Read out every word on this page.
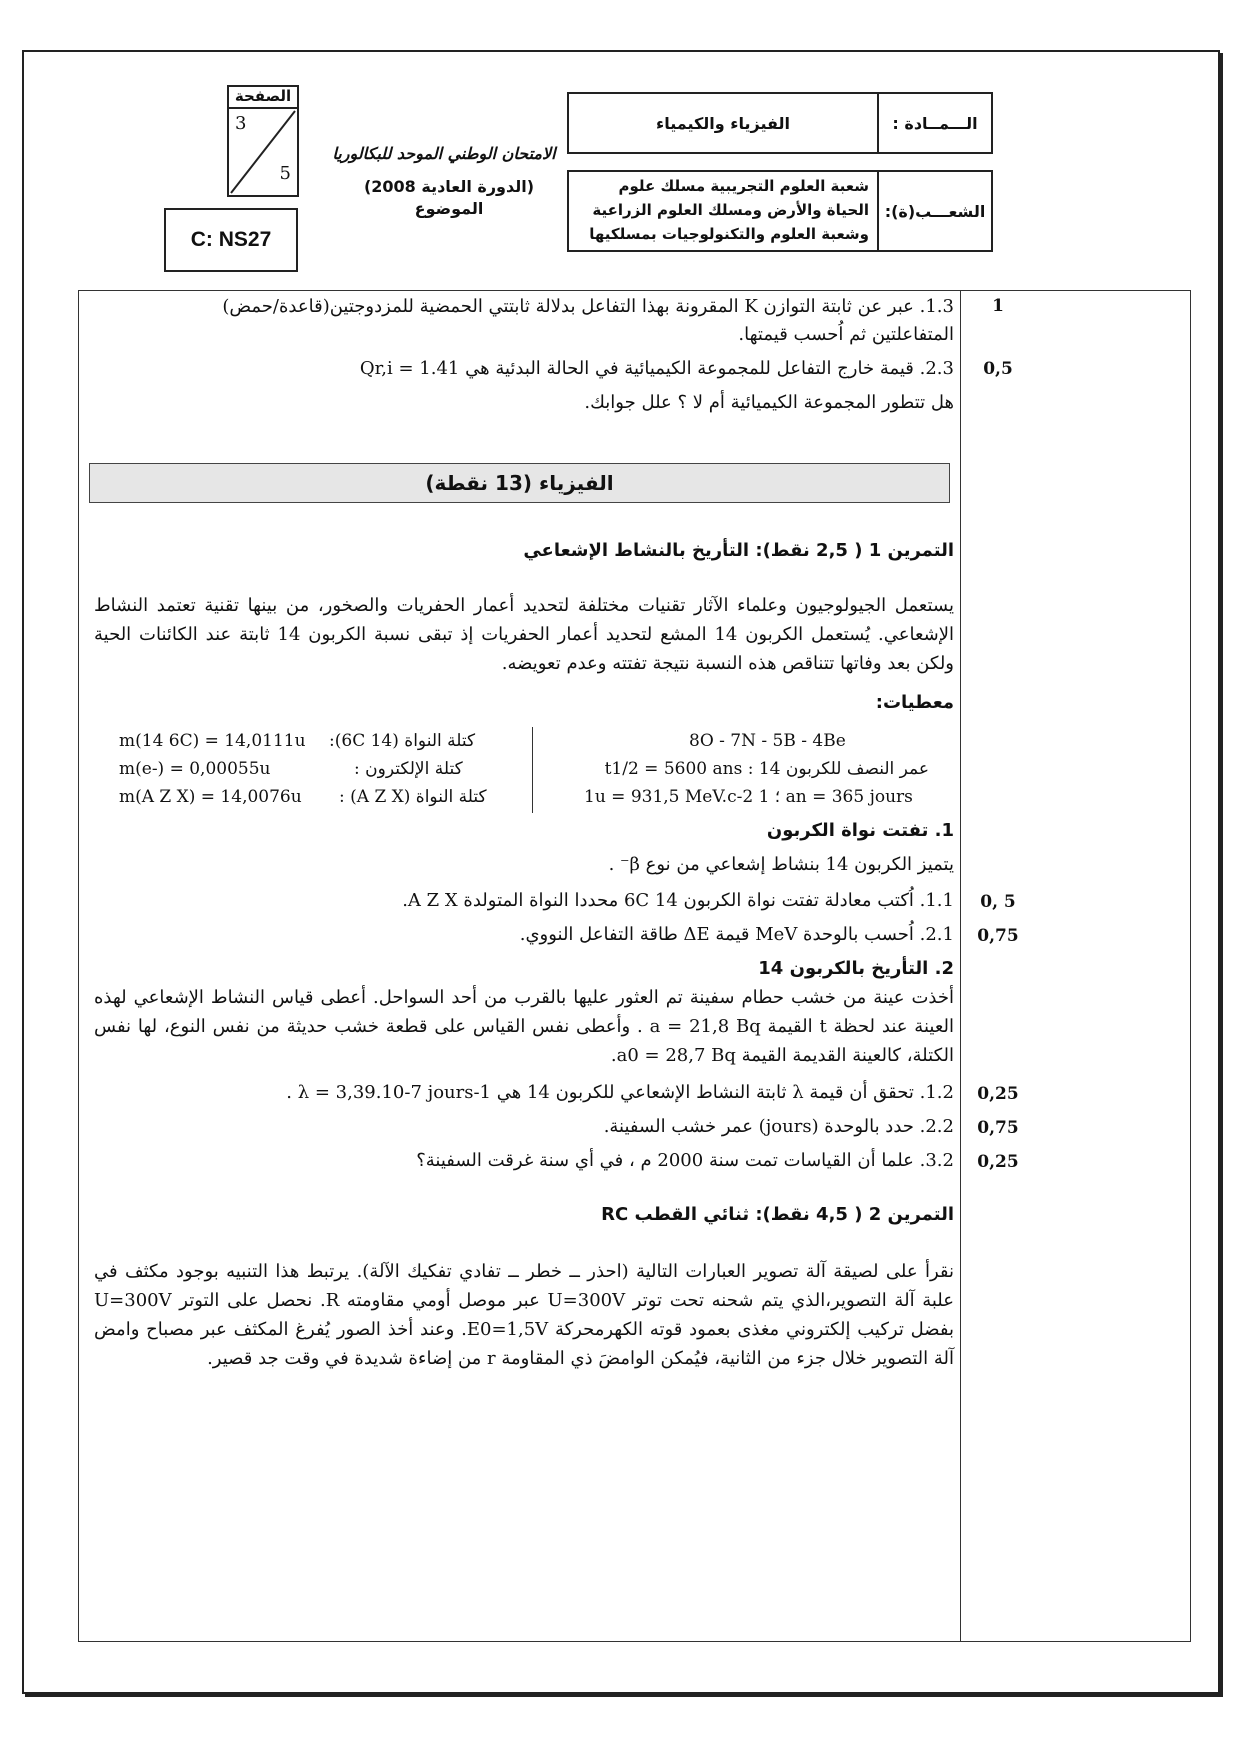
الصفحة
3
5
C: NS27
الامتحان الوطني الموحد للبكالوريا
(الدورة العادية 2008)
الموضوع
الفيزياء والكيمياء	الـــمــادة :
شعبة العلوم التجريبية مسلك علوم الحياة والأرض ومسلك العلوم الزراعية وشعبة العلوم والتكنولوجيات بمسلكيها
الشعـــب(ة):
1.3. عبر عن ثابتة التوازن K المقرونة بهذا التفاعل بدلالة ثابتتي الحمضية للمزدوجتين(قاعدة/حمض)
المتفاعلتين ثم اُحسب قيمتها.
2.3. قيمة خارج التفاعل للمجموعة الكيميائية في الحالة البدئية هي Qr,i = 1.41
هل تتطور المجموعة الكيميائية أم لا ؟ علل جوابك.
1
0,5
الفيزياء (13 نقطة)
التمرين 1 ( 2,5 نقط): التأريخ بالنشاط الإشعاعي
يستعمل الجيولوجيون وعلماء الآثار تقنيات مختلفة لتحديد أعمار الحفريات والصخور، من بينها تقنية تعتمد النشاط الإشعاعي. يُستعمل الكربون 14 المشع لتحديد أعمار الحفريات إذ تبقى نسبة الكربون 14 ثابتة عند الكائنات الحية ولكن بعد وفاتها تتناقص هذه النسبة نتيجة تفتته وعدم تعويضه.
معطيات:
8O - 7N - 5B - 4Be
عمر النصف للكربون 14 : t1/2 = 5600 ans
1u = 931,5 MeV.c-2 ؛ 1 an = 365 jours
m(14 6C) = 14,0111u كتلة النواة (14 6C):
m(e-) = 0,00055u	كتلة الإلكترون :
m(A Z X) = 14,0076u كتلة النواة (A Z X) :
1. تفتت نواة الكربون
يتميز الكربون 14 بنشاط إشعاعي من نوع β⁻ .
1.1. اُكتب معادلة تفتت نواة الكربون 14 6C محددا النواة المتولدة A Z X.
2.1. اُحسب بالوحدة MeV قيمة ΔE طاقة التفاعل النووي.
0, 5
0,75
2. التأريخ بالكربون 14
أخذت عينة من خشب حطام سفينة تم العثور عليها بالقرب من أحد السواحل. أعطى قياس النشاط الإشعاعي لهذه العينة عند لحظة t القيمة a = 21,8 Bq . وأعطى نفس القياس على قطعة خشب حديثة من نفس النوع، لها نفس الكتلة، كالعينة القديمة القيمة a0 = 28,7 Bq.
1.2. تحقق أن قيمة λ ثابتة النشاط الإشعاعي للكربون 14 هي λ = 3,39.10-7 jours-1 .
2.2. حدد بالوحدة (jours) عمر خشب السفينة.
3.2. علما أن القياسات تمت سنة 2000 م ، في أي سنة غرقت السفينة؟
0,25
0,75
0,25
التمرين 2 ( 4,5 نقط): ثنائي القطب RC
نقرأ على لصيقة آلة تصوير العبارات التالية (احذر ــ خطر ــ تفادي تفكيك الآلة). يرتبط هذا التنبيه بوجود مكثف في علبة آلة التصوير،الذي يتم شحنه تحت توتر U=300V عبر موصل أومي مقاومته R. نحصل على التوتر U=300V بفضل تركيب إلكتروني مغذى بعمود قوته الكهرمحركة E0=1,5V. وعند أخذ الصور يُفرغ المكثف عبر مصباح وامض آلة التصوير خلال جزء من الثانية، فيُمكن الوامضَ ذي المقاومة r من إضاءة شديدة في وقت جد قصير.
